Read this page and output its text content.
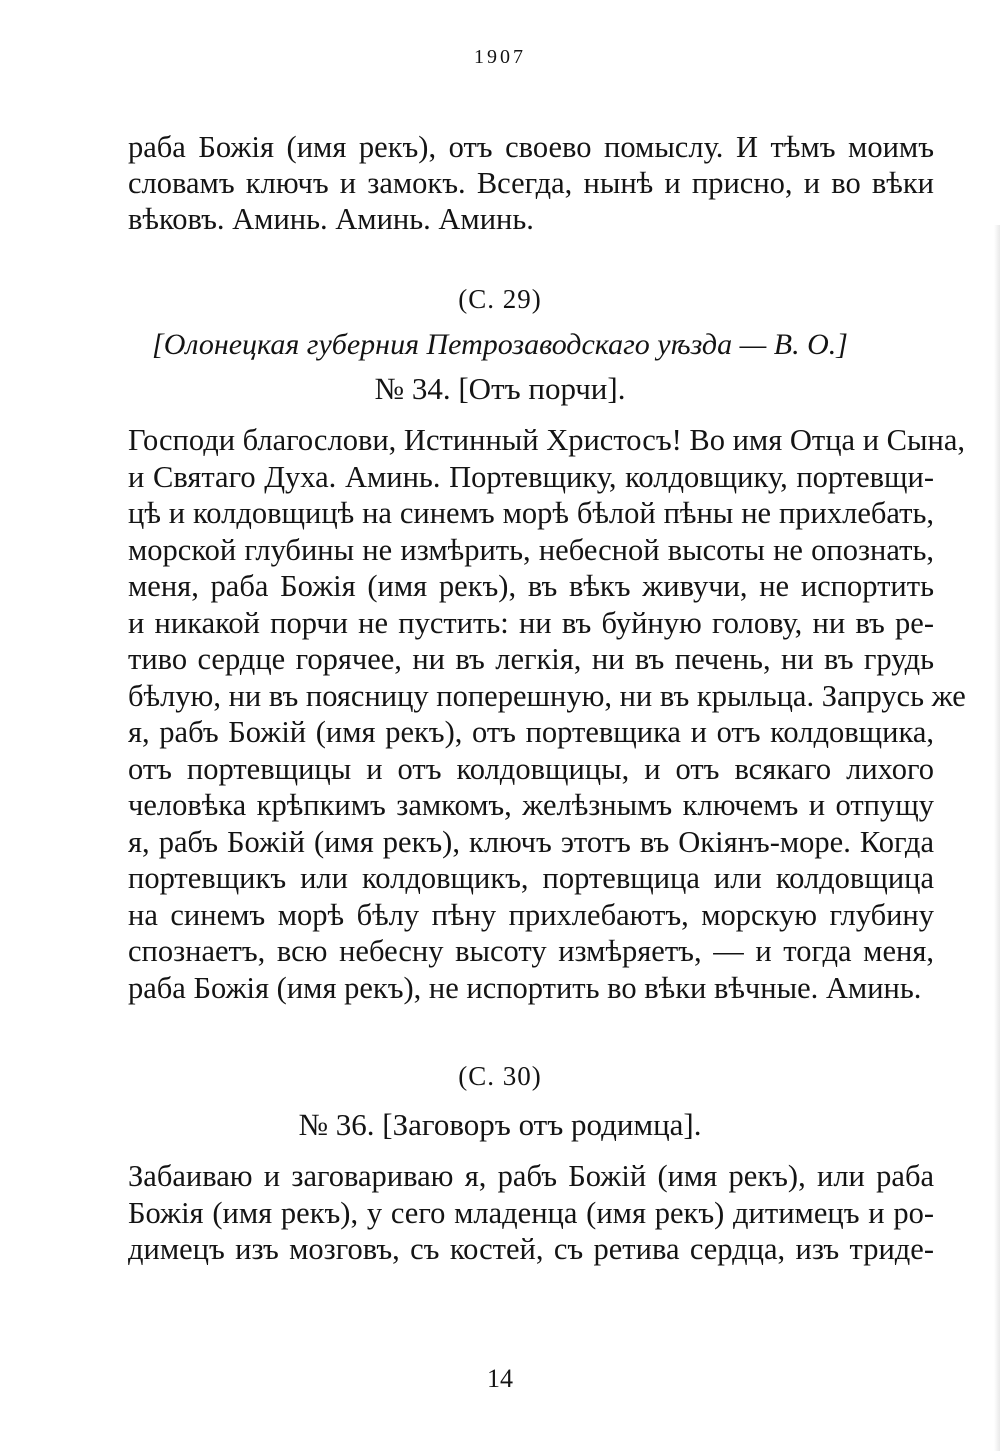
1907
раба Божія (имя рекъ), отъ своево помыслу. И тѣмъ моимъ
словамъ ключъ и замокъ. Всегда, нынѣ и присно, и во вѣки
вѣковъ. Аминь. Аминь. Аминь.
(С. 29)
[Олонецкая губерния Петрозаводскаго уѣзда — В. О.]
№ 34. [Отъ порчи].
Господи благослови, Истинный Христосъ! Во имя Отца и Сына,
и Святаго Духа. Аминь. Портевщику, колдовщику, портевщи-
цѣ и колдовщицѣ на синемъ морѣ бѣлой пѣны не прихлебать,
морской глубины не измѣрить, небесной высоты не опознать,
меня, раба Божія (имя рекъ), въ вѣкъ живучи, не испортить
и никакой порчи не пустить: ни въ буйную голову, ни въ ре-
тиво сердце горячее, ни въ легкія, ни въ печень, ни въ грудь
бѣлую, ни въ поясницу поперешную, ни въ крыльца. Запрусь же
я, рабъ Божій (имя рекъ), отъ портевщика и отъ колдовщика,
отъ портевщицы и отъ колдовщицы, и отъ всякаго лихого
человѣка крѣпкимъ замкомъ, желѣзнымъ ключемъ и отпущу
я, рабъ Божій (имя рекъ), ключъ этотъ въ Окіянъ-море. Когда
портевщикъ или колдовщикъ, портевщица или колдовщица
на синемъ морѣ бѣлу пѣну прихлебаютъ, морскую глубину
спознаетъ, всю небесну высоту измѣряетъ, — и тогда меня,
раба Божія (имя рекъ), не испортить во вѣки вѣчные. Аминь.
(С. 30)
№ 36. [Заговоръ отъ родимца].
Забаиваю и заговариваю я, рабъ Божій (имя рекъ), или раба
Божія (имя рекъ), у сего младенца (имя рекъ) дитимецъ и ро-
димецъ изъ мозговъ, съ костей, съ ретива сердца, изъ триде-
14
